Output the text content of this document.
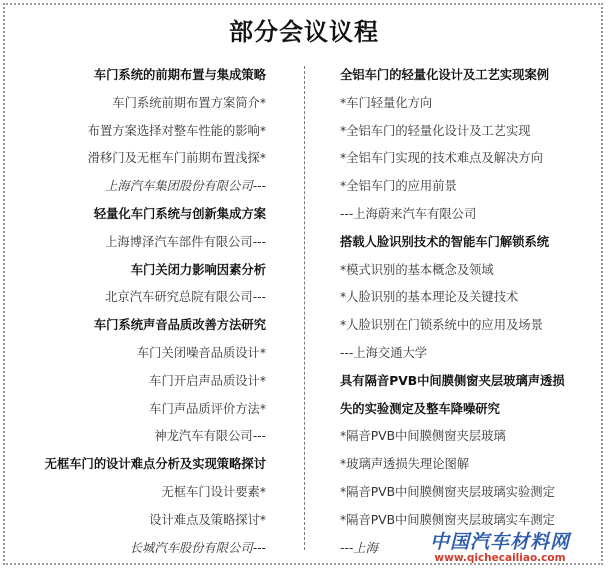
部分会议议程
车门系统的前期布置与集成策略
车门系统前期布置方案简介*
布置方案选择对整车性能的影响*
滑移门及无框车门前期布置浅探*
上海汽车集团股份有限公司---
轻量化车门系统与创新集成方案
上海博泽汽车部件有限公司---
车门关闭力影响因素分析
北京汽车研究总院有限公司---
车门系统声音品质改善方法研究
车门关闭噪音品质设计*
车门开启声品质设计*
车门声品质评价方法*
神龙汽车有限公司---
无框车门的设计难点分析及实现策略探讨
无框车门设计要素*
设计难点及策略探讨*
长城汽车股份有限公司---
全铝车门的轻量化设计及工艺实现案例
*车门轻量化方向
*全铝车门的轻量化设计及工艺实现
*全铝车门实现的技术难点及解决方向
*全铝车门的应用前景
---上海蔚来汽车有限公司
搭载人脸识别技术的智能车门解锁系统
*模式识别的基本概念及领域
*人脸识别的基本理论及关键技术
*人脸识别在门锁系统中的应用及场景
---上海交通大学
具有隔音PVB中间膜侧窗夹层玻璃声透损
失的实验测定及整车降噪研究
*隔音PVB中间膜侧窗夹层玻璃
*玻璃声透损失理论图解
*隔音PVB中间膜侧窗夹层玻璃实验测定
*隔音PVB中间膜侧窗夹层玻璃实车测定
---上海	中国汽车材料网
www.qichecailiao.com
